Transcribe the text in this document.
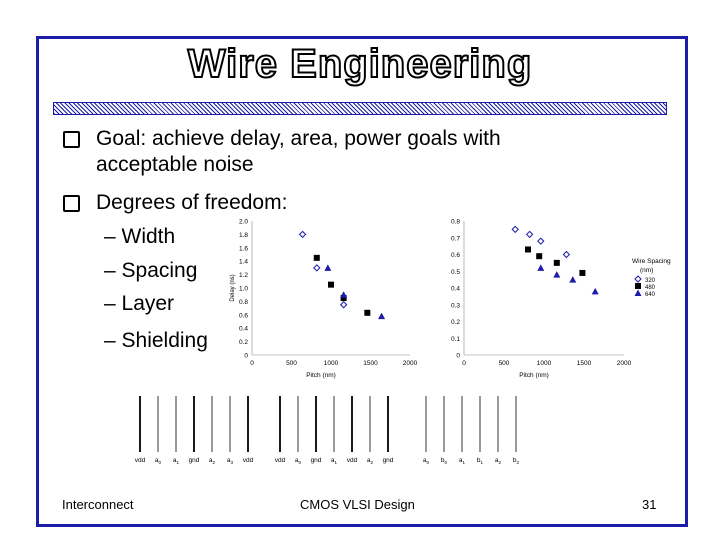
Wire Engineering
Goal: achieve delay, area, power goals with
acceptable noise
Degrees of freedom:
– Width
– Spacing
– Layer
– Shielding
0
0.2
0.4
0.6
0.8
1.0
1.2
1.4
1.6
1.8
2.0
0	500	1000	1500	2000
Pitch (nm)
Delay (ns)
0
0.1
0.2
0.3
0.4
0.5
0.6
0.7
0.8
0	500	1000	1500	2000
Pitch (nm)
Wire Spacing
(nm)
320
480
640
vdd $a_0$ $a_1$ gnd $a_2$ $a_3$ vdd	vdd $a_0$ gnd $a_1$ vdd $a_2$ gnd	$a_0$ $b_0$ $a_1$ $b_1$ $a_2$ $b_2$
Interconnect	CMOS VLSI Design	31
